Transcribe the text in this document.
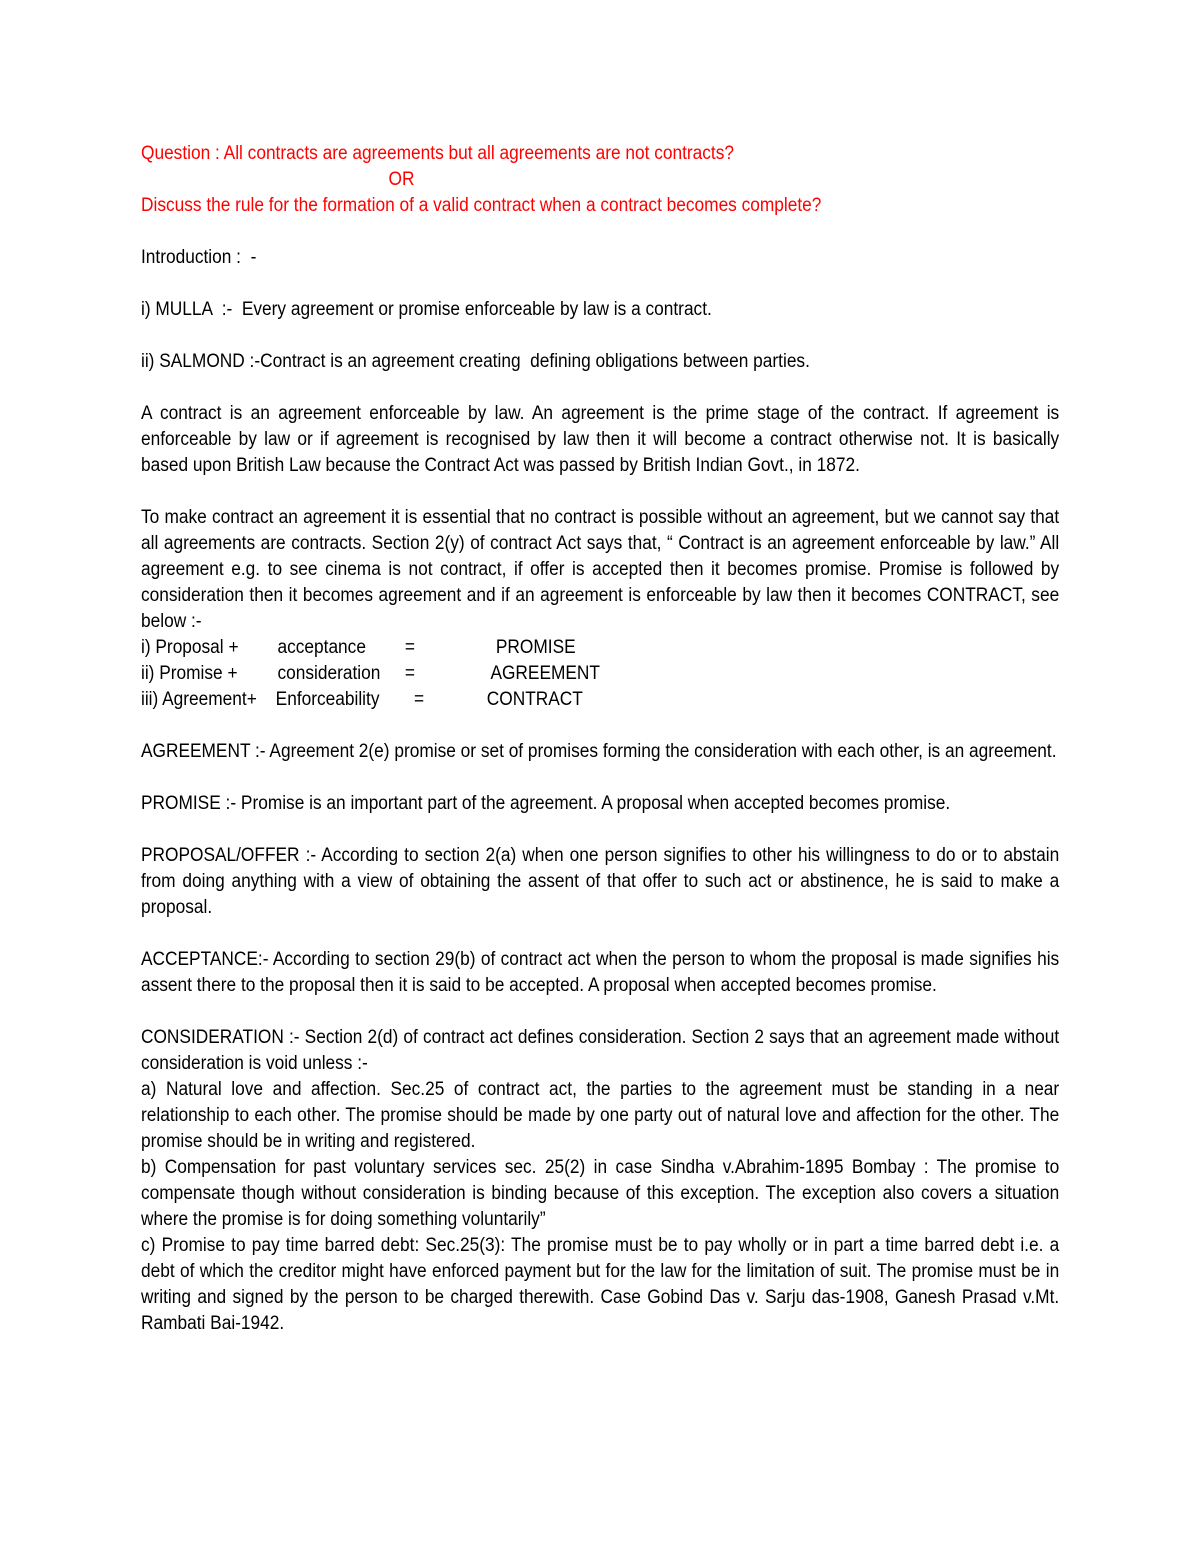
Question : All contracts are agreements but all agreements are not contracts?

OR

Discuss the rule for the formation of a valid contract when a contract becomes complete?

Introduction :  -

i) MULLA  :-  Every agreement or promise enforceable by law is a contract.

ii) SALMOND :-Contract is an agreement creating  defining obligations between parties.

A contract is an agreement enforceable by law. An agreement is the prime stage of the contract. If agreement is enforceable by law or if agreement is recognised by law then it will become a contract otherwise not. It is basically based upon British Law because the Contract Act was passed by British Indian Govt., in 1872.

To make contract an agreement it is essential that no contract is possible without an agreement, but we cannot say that all agreements are contracts. Section 2(y) of contract Act says that, “ Contract is an agreement enforceable by law.” All agreement e.g. to see cinema is not contract, if offer is accepted then it becomes promise. Promise is followed by consideration then it becomes agreement and if an agreement is enforceable by law then it becomes CONTRACT, see below :-

i) Proposal +	acceptance	=	PROMISE
ii) Promise +	consideration	=	AGREEMENT
iii) Agreement+ Enforceability	=	CONTRACT

AGREEMENT :- Agreement 2(e) promise or set of promises forming the consideration with each other, is an agreement.

PROMISE :- Promise is an important part of the agreement. A proposal when accepted becomes promise.

PROPOSAL/OFFER :- According to section 2(a) when one person signifies to other his willingness to do or to abstain from doing anything with a view of obtaining the assent of that offer to such act or abstinence, he is said to make a proposal.

ACCEPTANCE:- According to section 29(b) of contract act when the person to whom the proposal is made signifies his assent there to the proposal then it is said to be accepted. A proposal when accepted becomes promise.

CONSIDERATION :- Section 2(d) of contract act defines consideration. Section 2 says that an agreement made without consideration is void unless :-

a) Natural love and affection. Sec.25 of contract act, the parties to the agreement must be standing in a near relationship to each other. The promise should be made by one party out of natural love and affection for the other. The promise should be in writing and registered.

b) Compensation for past voluntary services sec. 25(2) in case Sindha v.Abrahim-1895 Bombay : The promise to compensate though without consideration is binding because of this exception. The exception also covers a situation where the promise is for doing something voluntarily”

c) Promise to pay time barred debt: Sec.25(3): The promise must be to pay wholly or in part a time barred debt i.e. a debt of which the creditor might have enforced payment but for the law for the limitation of suit. The promise must be in writing and signed by the person to be charged therewith. Case Gobind Das v. Sarju das-1908, Ganesh Prasad v.Mt. Rambati Bai-1942.
